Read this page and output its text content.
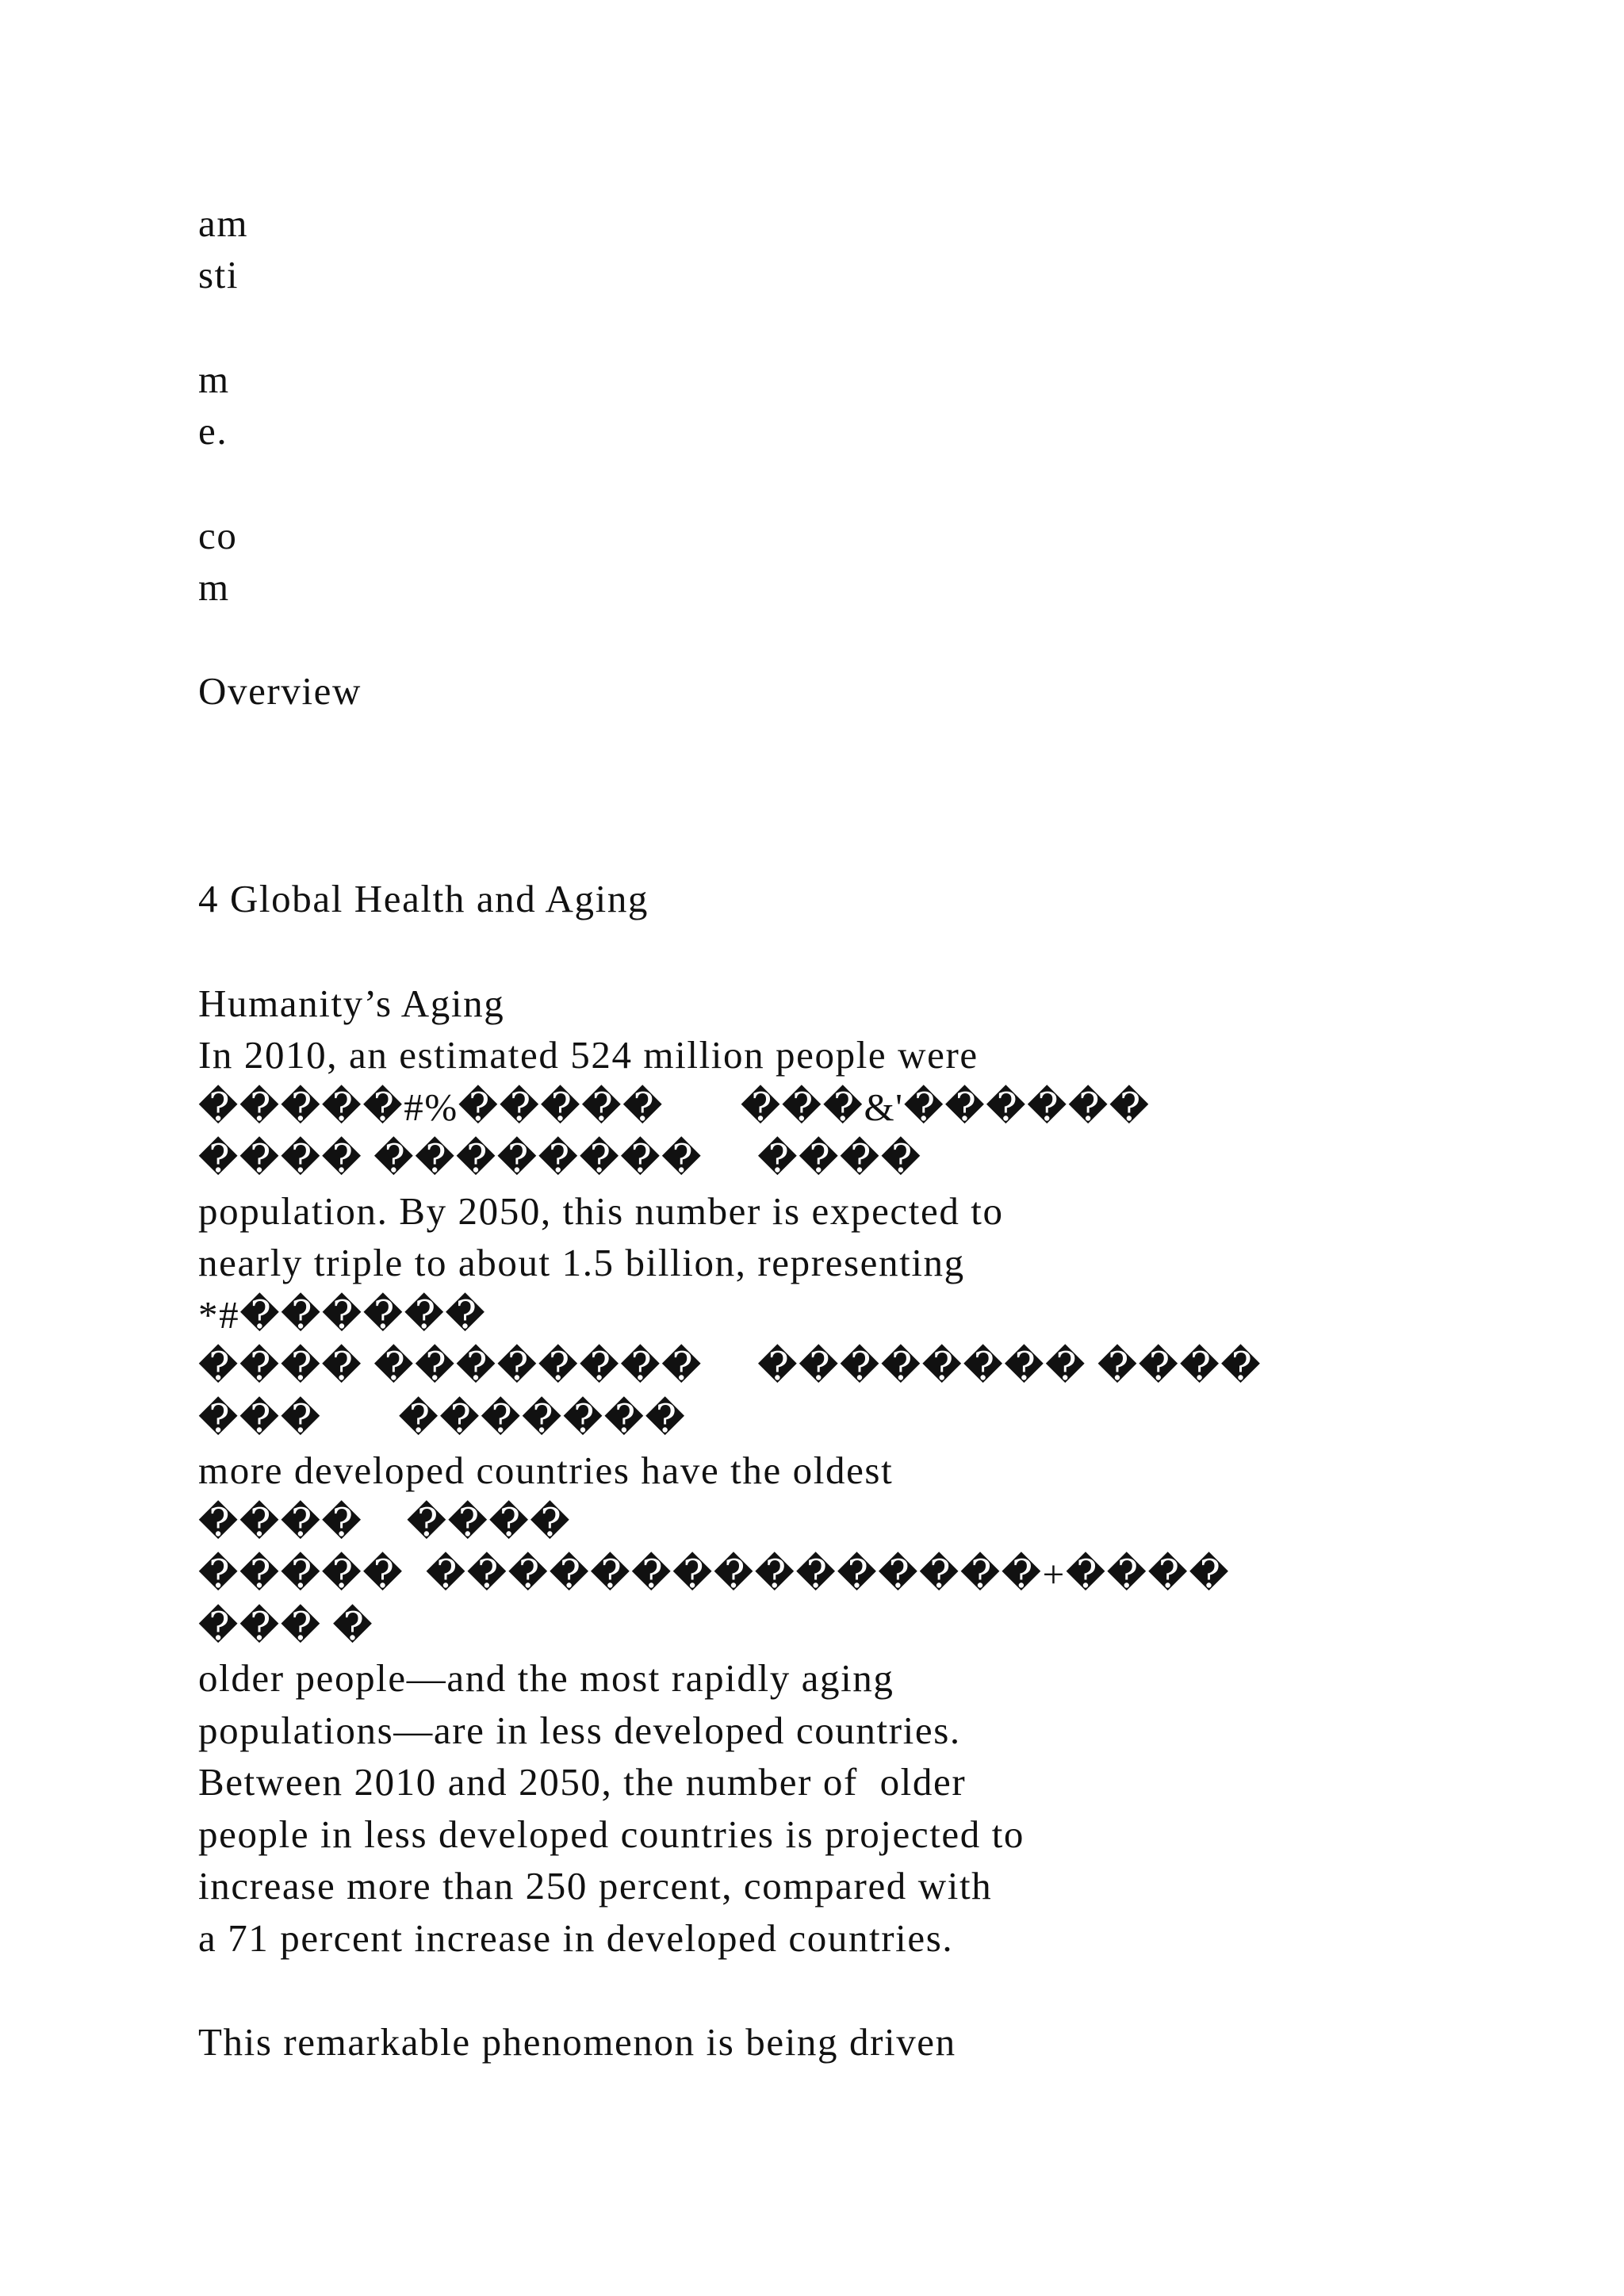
am

sti

m

e.

co

m

Overview

4 Global Health and Aging

Humanity’s Aging

In 2010, an estimated 524 million people were

�����#%�����       ���&'������

���� ��������     ����

population. By 2050, this number is expected to

nearly triple to about 1.5 billion, representing

*#������

���� ��������     �������� ����

���       �������

more developed countries have the oldest

����    ����

�����  ���������������+����

��� �

older people—and the most rapidly aging

populations—are in less developed countries.

Between 2010 and 2050, the number of  older

people in less developed countries is projected to

increase more than 250 percent, compared with

a 71 percent increase in developed countries.

This remarkable phenomenon is being driven
